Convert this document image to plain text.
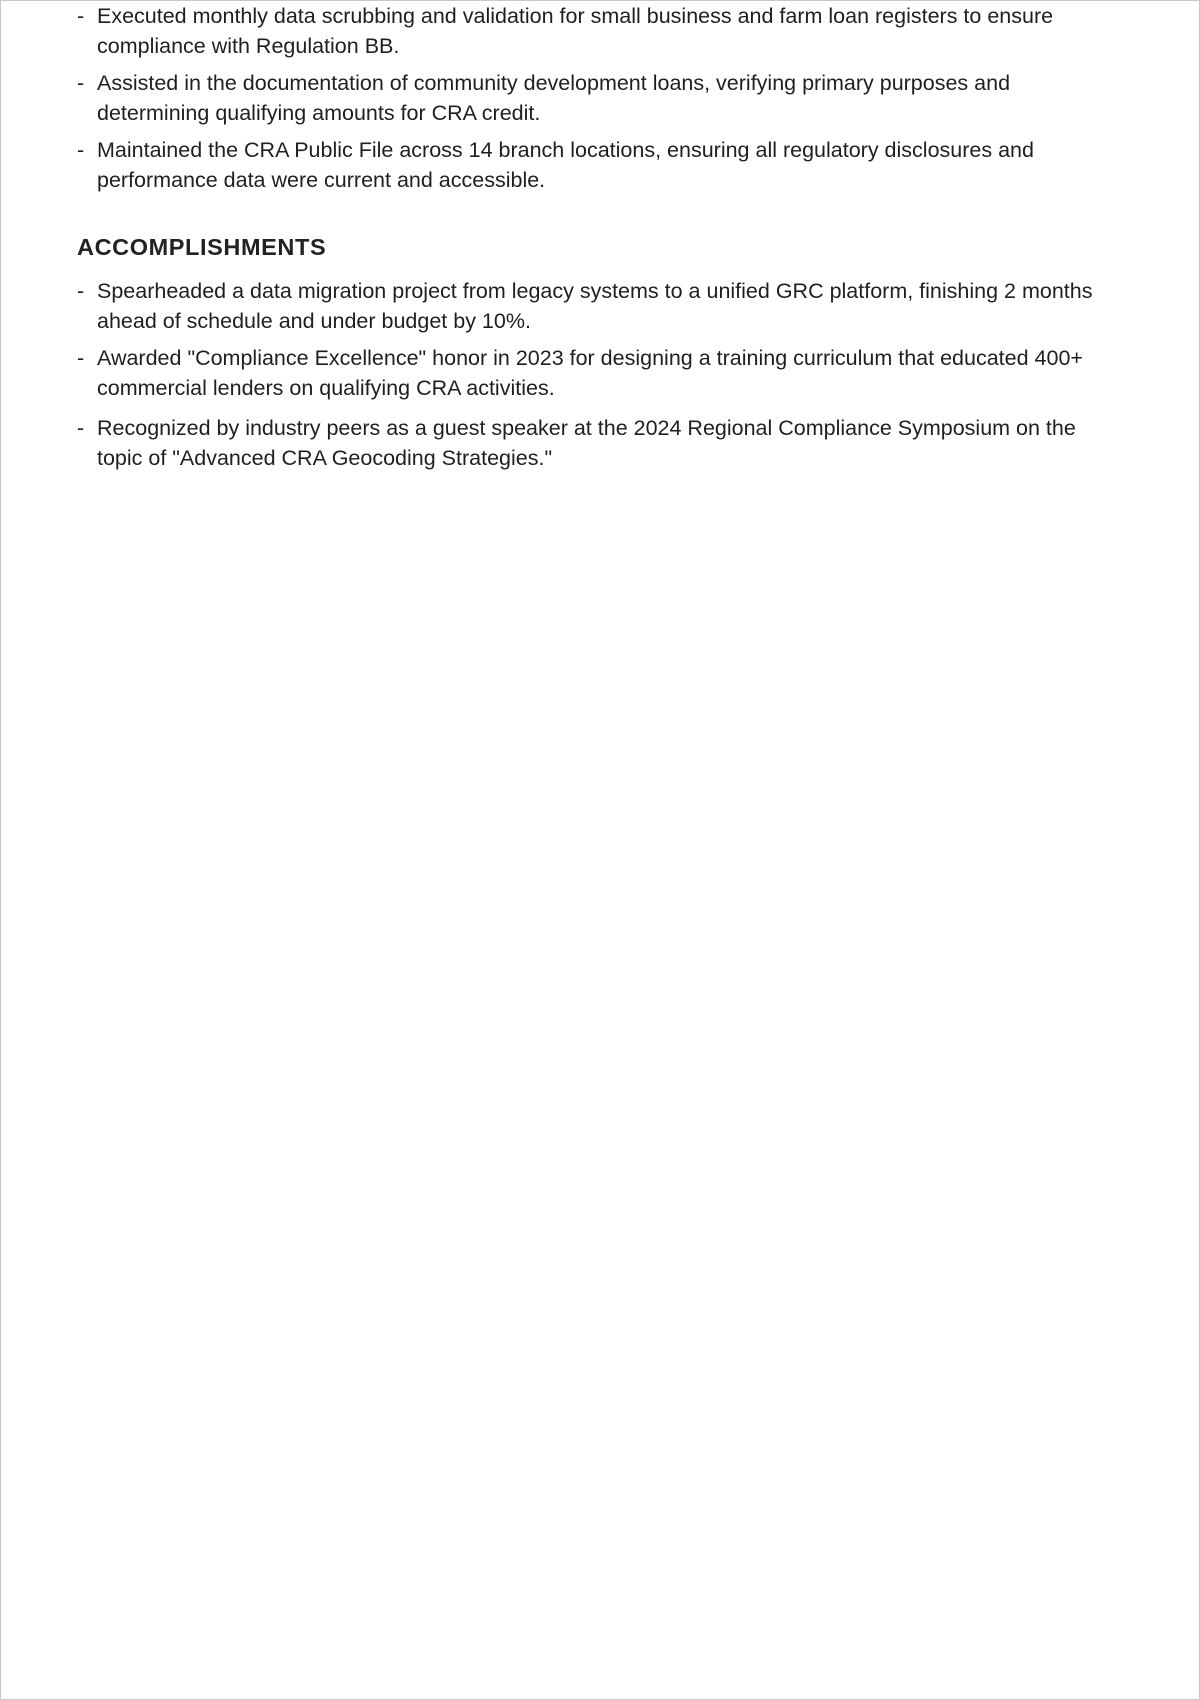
- Executed monthly data scrubbing and validation for small business and farm loan registers to ensure compliance with Regulation BB.
- Assisted in the documentation of community development loans, verifying primary purposes and determining qualifying amounts for CRA credit.
- Maintained the CRA Public File across 14 branch locations, ensuring all regulatory disclosures and performance data were current and accessible.
ACCOMPLISHMENTS
- Spearheaded a data migration project from legacy systems to a unified GRC platform, finishing 2 months ahead of schedule and under budget by 10%.
- Awarded "Compliance Excellence" honor in 2023 for designing a training curriculum that educated 400+ commercial lenders on qualifying CRA activities.
- Recognized by industry peers as a guest speaker at the 2024 Regional Compliance Symposium on the topic of "Advanced CRA Geocoding Strategies."
